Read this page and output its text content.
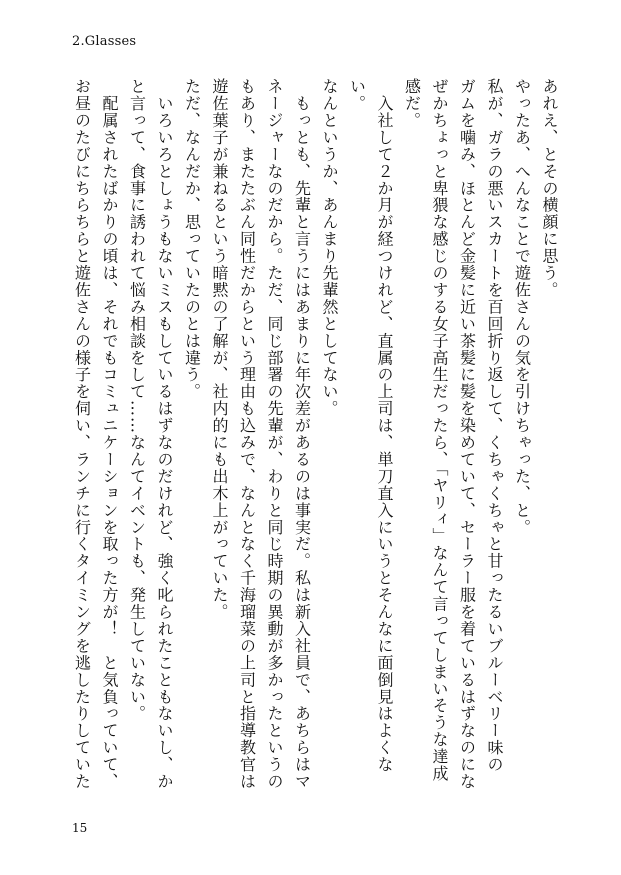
2.Glasses

あれえ、とその横顔に思う。

やったあ、へんなことで遊佐さんの気を引けちゃった、と。

私が、ガラの悪いスカートを百回折り返して、くちゃくちゃと甘ったるいブルーベリー味の

ガムを噛み、ほとんど金髪に近い茶髪に髪を染めていて、セーラー服を着ているはずなのにな

ぜかちょっと卑猥な感じのする女子高生だったら、「ヤリィ」なんて言ってしまいそうな達成

感だ。

　入社して２か月が経つけれど、直属の上司は、単刀直入にいうとそんなに面倒見はよくない。

なんというか、あんまり先輩然としてない。

　もっとも、先輩と言うにはあまりに年次差があるのは事実だ。私は新入社員で、あちらはマ

ネージャーなのだから。ただ、同じ部署の先輩が、わりと同じ時期の異動が多かったというの

もあり、またたぶん同性だからという理由も込みで、なんとなく千海瑠菜の上司と指導教官は

遊佐葉子が兼ねるという暗黙の了解が、社内的にも出木上がっていた。

ただ、なんだか、思っていたのとは違う。

　いろいろとしょうもないミスもしているはずなのだけれど、強く叱られたこともないし、か

と言って、食事に誘われて悩み相談をして……なんてイベントも、発生していない。

　配属されたばかりの頃は、それでもコミュニケーションを取った方が！　と気負っていて、

お昼のたびにちらちらと遊佐さんの様子を伺い、ランチに行くタイミングを逃したりしていた

15
